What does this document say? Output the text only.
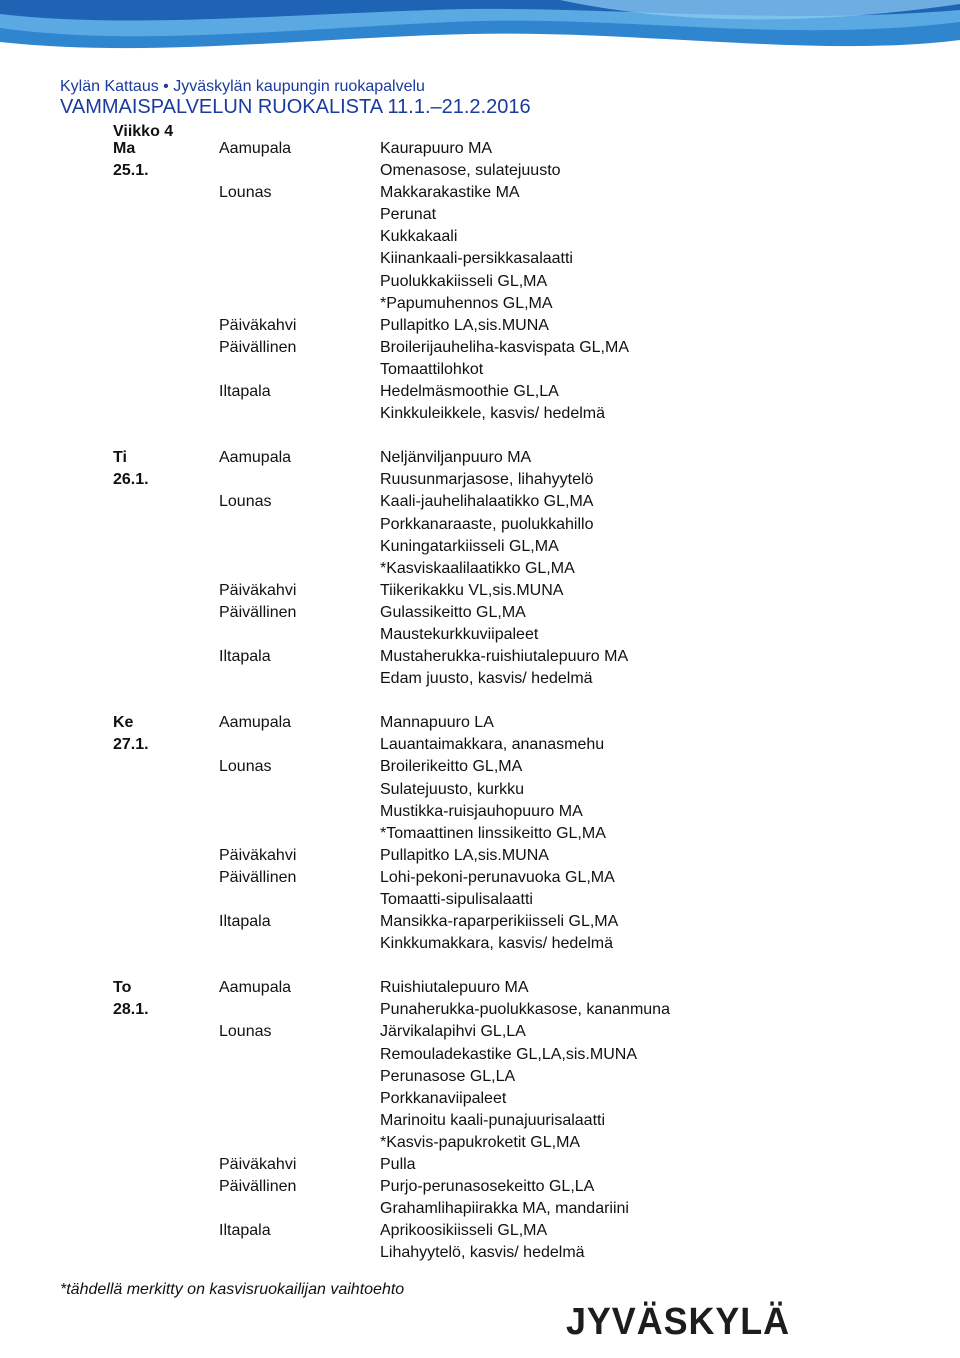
Kylän Kattaus • Jyväskylän kaupungin ruokapalvelu
VAMMAISPALVELUN RUOKALISTA 11.1.–21.2.2016
Viikko 4
Ma 25.1.
Aamupala	Kaurapuuro MA
Omenasose, sulatejuusto
Lounas	Makkarakastike MA
Perunat
Kukkakaali
Kiinankaali-persikkasalaatti
Puolukkakiisseli GL,MA
*Papumuhennos GL,MA
Päiväkahvi	Pullapitko LA,sis.MUNA
Päivällinen	Broilerijauheliha-kasvispata GL,MA
Tomaattilohkot
Iltapala	Hedelmäsmoothie GL,LA
Kinkkuleikkele, kasvis/ hedelmä
Ti 26.1.
Aamupala	Neljänviljanpuuro MA
Ruusunmarjasose, lihahyytelö
Lounas	Kaali-jauhelihalaatikko GL,MA
Porkkanaraaste, puolukkahillo
Kuningatarkiisseli GL,MA
*Kasviskaalilaatikko GL,MA
Päiväkahvi	Tiikerikakku VL,sis.MUNA
Päivällinen	Gulassikeitto GL,MA
Maustekurkkuviipaleet
Iltapala	Mustaherukka-ruishiutalepuuro MA
Edam juusto, kasvis/ hedelmä
Ke 27.1.
Aamupala	Mannapuuro LA
Lauantaimakkara, ananasmehu
Lounas	Broilerikeitto GL,MA
Sulatejuusto, kurkku
Mustikka-ruisjauhopuuro MA
*Tomaattinen linssikeitto GL,MA
Päiväkahvi	Pullapitko LA,sis.MUNA
Päivällinen	Lohi-pekoni-perunavuoka GL,MA
Tomaatti-sipulisalaatti
Iltapala	Mansikka-raparperikiisseli GL,MA
Kinkkumakkara, kasvis/ hedelmä
To 28.1.
Aamupala	Ruishiutalepuuro MA
Punaherukka-puolukkasose, kananmuna
Lounas	Järvikalapihvi GL,LA
Remouladekastike GL,LA,sis.MUNA
Perunasose GL,LA
Porkkanaviipaleet
Marinoitu kaali-punajuurisalaatti
*Kasvis-papukroketit GL,MA
Päiväkahvi	Pulla
Päivällinen	Purjo-perunasosekeitto GL,LA
Grahamlihapiirakka MA, mandariini
Iltapala	Aprikoosikiisseli GL,MA
Lihahyytelö, kasvis/ hedelmä
*tähdellä merkitty on kasvisruokailijan vaihtoehto
JYVÄSKYLÄ
